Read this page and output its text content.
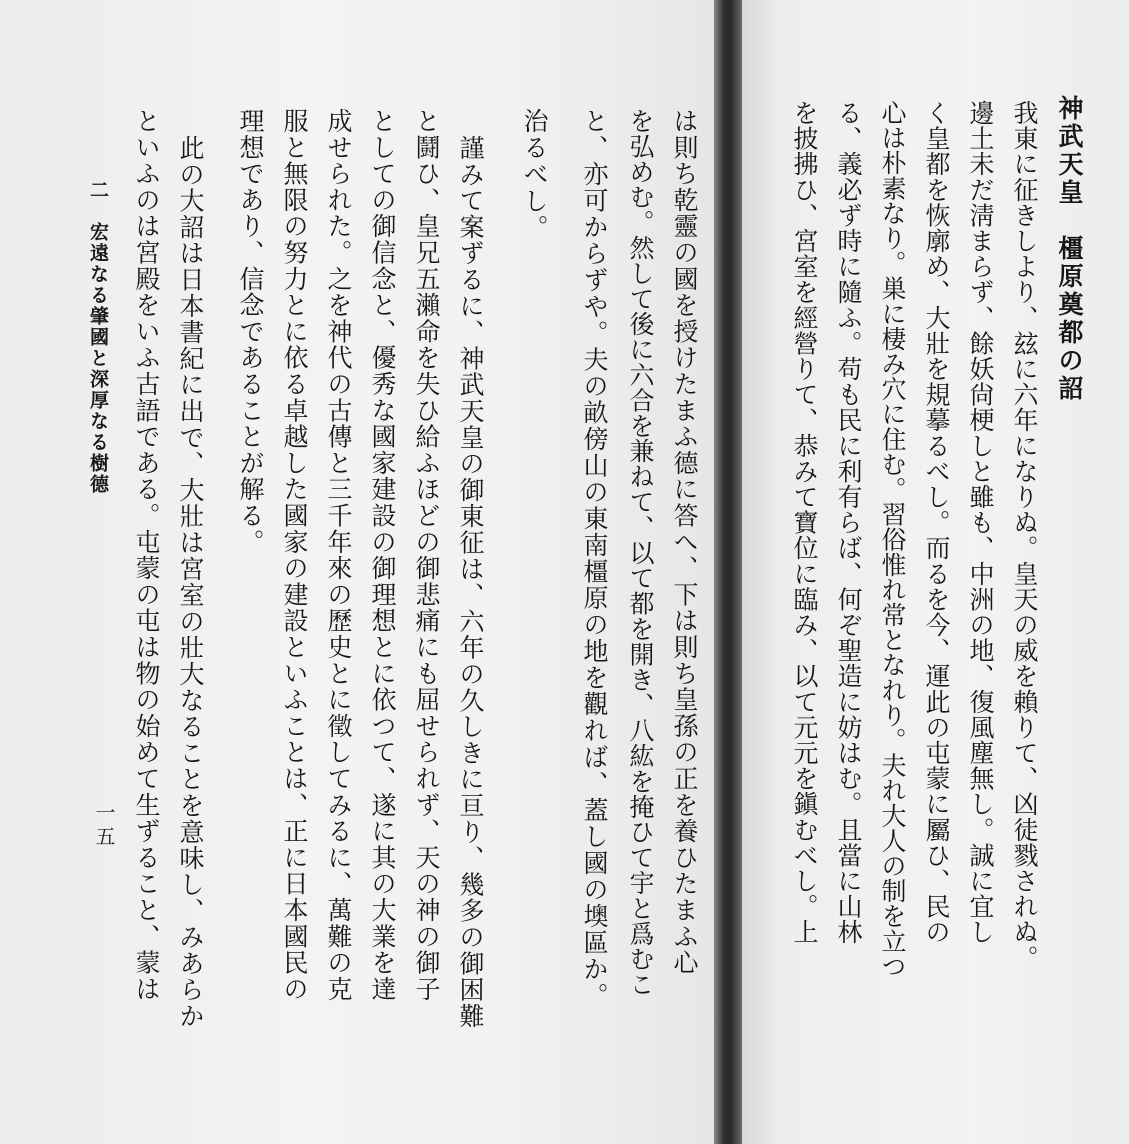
二　宏遠なる肇國と深厚なる樹德
一五	は則ち乾靈の國を授けたまふ德に答へ、下は則ち皇孫の正を養ひたまふ心
を弘めむ。然して後に六合を兼ねて、以て都を開き、八紘を掩ひて宇と爲むこ
と、亦可からずや。夫の畝傍山の東南橿原の地を觀れば、蓋し國の墺區か。
治るべし。
謹みて案ずるに、神武天皇の御東征は、六年の久しきに亘り、幾多の御困難
と鬪ひ、皇兄五瀨命を失ひ給ふほどの御悲痛にも屈せられず、天の神の御子
としての御信念と、優秀な國家建設の御理想とに依つて、遂に其の大業を達
成せられた。之を神代の古傳と三千年來の歷史とに徵してみるに、萬難の克
服と無限の努力とに依る卓越した國家の建設といふことは、正に日本國民の
理想であり、信念であることが解る。
此の大詔は日本書紀に出で、大壯は宮室の壯大なることを意味し、みあらか
といふのは宮殿をいふ古語である。屯蒙の屯は物の始めて生ずること、蒙は	神武天皇　橿原奠都の詔
我東に征きしより、玆に六年になりぬ。皇天の威を賴りて、凶徒戮されぬ。
邊土未だ淸まらず、餘妖尙梗しと雖も、中洲の地、復風塵無し。誠に宜し
く皇都を恢廓め、大壯を規摹るべし。而るを今、運此の屯蒙に屬ひ、民の
心は朴素なり。巣に棲み穴に住む。習俗惟れ常となれり。夫れ大人の制を立つ
る、義必ず時に隨ふ。苟も民に利有らば、何ぞ聖造に妨はむ。且當に山林
を披拂ひ、宮室を經營りて、恭みて寶位に臨み、以て元元を鎭むべし。上
